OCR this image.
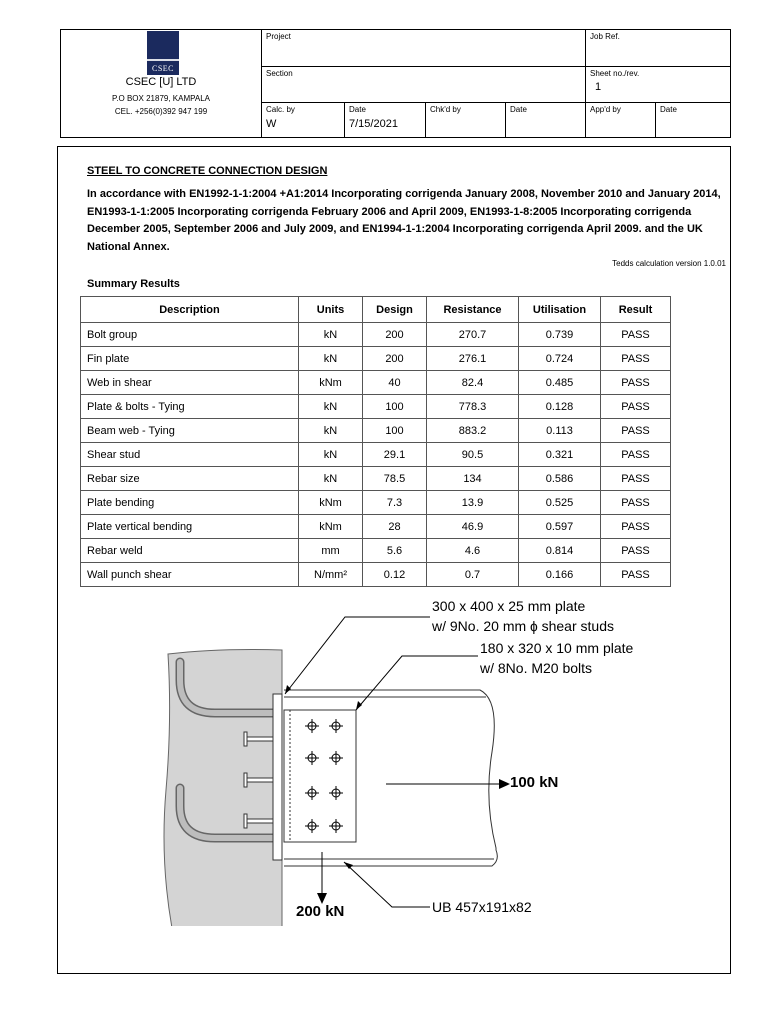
CSEC
CSEC [U] LTD
P.O BOX 21879, KAMPALA
CEL. +256(0)392 947 199
Project	Job Ref.
Section	Sheet no./rev.
1
Calc. by
W
Date
7/15/2021
Chk'd by	Date	App'd by	Date
STEEL TO CONCRETE CONNECTION DESIGN
In accordance with EN1992-1-1:2004 +A1:2014 Incorporating corrigenda January 2008, November 2010 and January 2014, EN1993-1-1:2005 Incorporating corrigenda February 2006 and April 2009, EN1993-1-8:2005 Incorporating corrigenda December 2005, September 2006 and July 2009, and EN1994-1-1:2004 Incorporating corrigenda April 2009. and the UK National Annex.
Tedds calculation version 1.0.01
Summary Results
Description	Units	Design	Resistance	Utilisation	Result
Bolt group	kN	200	270.7	0.739	PASS
Fin plate	kN	200	276.1	0.724	PASS
Web in shear	kNm	40	82.4	0.485	PASS
Plate & bolts - Tying	kN	100	778.3	0.128	PASS
Beam web - Tying	kN	100	883.2	0.113	PASS
Shear stud	kN	29.1	90.5	0.321	PASS
Rebar size	kN	78.5	134	0.586	PASS
Plate bending	kNm	7.3	13.9	0.525	PASS
Plate vertical bending	kNm	28	46.9	0.597	PASS
Rebar weld	mm	5.6	4.6	0.814	PASS
Wall punch shear	N/mm²	0.12	0.7	0.166	PASS
300 x 400 x 25 mm plate
w/ 9No. 20 mm ɸ shear studs
180 x 320 x 10 mm plate
w/ 8No. M20 bolts
100 kN
200 kN	UB 457x191x82
